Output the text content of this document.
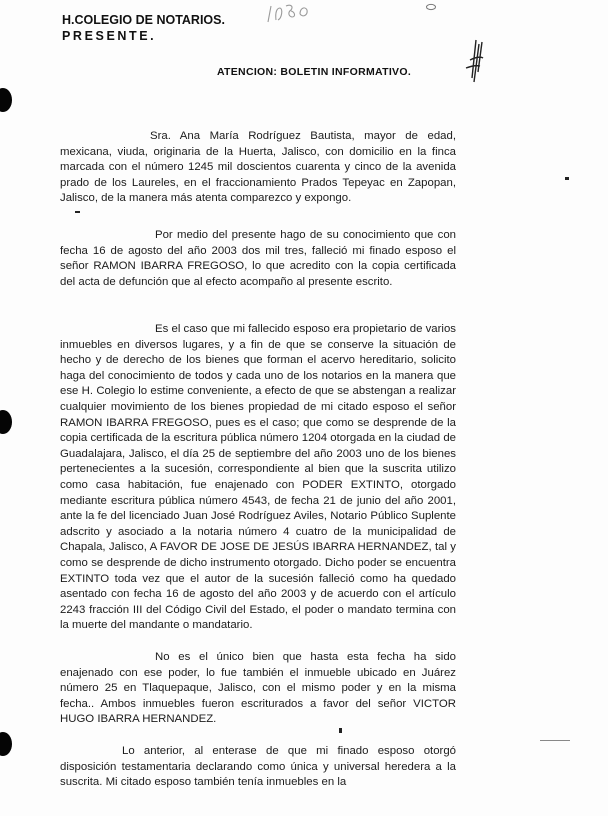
H.COLEGIO DE NOTARIOS.
PRESENTE.
ATENCION: BOLETIN INFORMATIVO.
Sra. Ana María Rodríguez Bautista, mayor de edad, mexicana, viuda, originaria de la Huerta, Jalisco, con domicilio en la finca marcada con el número 1245 mil doscientos cuarenta y cinco de la avenida prado de los Laureles, en el fraccionamiento Prados Tepeyac en Zapopan, Jalisco, de la manera más atenta comparezco y expongo.
Por medio del presente hago de su conocimiento que con fecha 16 de agosto del año 2003 dos mil tres, falleció mi finado esposo el señor RAMON IBARRA FREGOSO, lo que acredito con la copia certificada del acta de defunción que al efecto acompaño al presente escrito.
Es el caso que mi fallecido esposo era propietario de varios inmuebles en diversos lugares, y a fin de que se conserve la situación de hecho y de derecho de los bienes que forman el acervo hereditario, solicito haga del conocimiento de todos y cada uno de los notarios en la manera que ese H. Colegio lo estime conveniente, a efecto de que se abstengan a realizar cualquier movimiento de los bienes propiedad de mi citado esposo el señor RAMON IBARRA FREGOSO, pues es el caso; que como se desprende de la copia certificada de la escritura pública número 1204 otorgada en la ciudad de Guadalajara, Jalisco, el día 25 de septiembre del año 2003 uno de los bienes pertenecientes a la sucesión, correspondiente al bien que la suscrita utilizo como casa habitación, fue enajenado con PODER EXTINTO, otorgado mediante escritura pública número 4543, de fecha 21 de junio del año 2001, ante la fe del licenciado Juan José Rodríguez Aviles, Notario Público Suplente adscrito y asociado a la notaria número 4 cuatro de la municipalidad de Chapala, Jalisco, A FAVOR DE JOSE DE JESÚS IBARRA HERNANDEZ, tal y como se desprende de dicho instrumento otorgado. Dicho poder se encuentra EXTINTO toda vez que el autor de la sucesión falleció como ha quedado asentado con fecha 16 de agosto del año 2003 y de acuerdo con el artículo 2243 fracción III del Código Civil del Estado, el poder o mandato termina con la muerte del mandante o mandatario.
No es el único bien que hasta esta fecha ha sido enajenado con ese poder, lo fue también el inmueble ubicado en Juárez número 25 en Tlaquepaque, Jalisco, con el mismo poder y en la misma fecha.. Ambos inmuebles fueron escriturados a favor del señor VICTOR HUGO IBARRA HERNANDEZ.
Lo anterior, al enterase de que mi finado esposo otorgó disposición testamentaria declarando como única y universal heredera a la suscrita. Mi citado esposo también tenía inmuebles en la
